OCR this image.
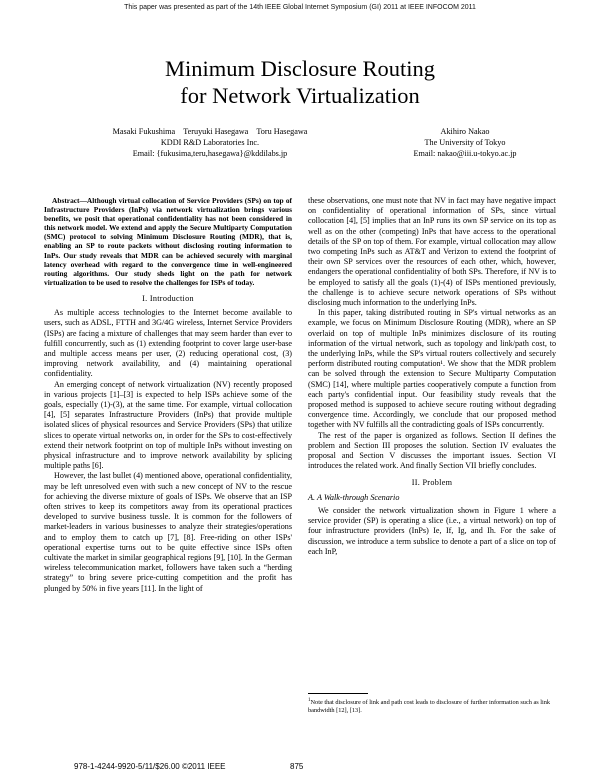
This paper was presented as part of the 14th IEEE Global Internet Symposium (GI) 2011 at IEEE INFOCOM 2011
Minimum Disclosure Routing
for Network Virtualization
Masaki Fukushima    Teruyuki Hasegawa    Toru Hasegawa
KDDI R&D Laboratories Inc.
Email: {fukusima,teru,hasegawa}@kddilabs.jp
Akihiro Nakao
The University of Tokyo
Email: nakao@iii.u-tokyo.ac.jp

Abstract—Although virtual collocation of Service Providers (SPs) on top of Infrastructure Providers (InPs) via network virtualization brings various benefits, we posit that operational confidentiality has not been considered in this network model. We extend and apply the Secure Multiparty Computation (SMC) protocol to solving Minimum Disclosure Routing (MDR), that is, enabling an SP to route packets without disclosing routing information to InPs. Our study reveals that MDR can be achieved securely with marginal latency overhead with regard to the convergence time in well-engineered routing algorithms. Our study sheds light on the path for network virtualization to be used to resolve the challenges for ISPs of today.

I. Introduction

As multiple access technologies to the Internet become available to users, such as ADSL, FTTH and 3G/4G wireless, Internet Service Providers (ISPs) are facing a mixture of challenges that may seem harder than ever to fulfill concurrently, such as (1) extending footprint to cover large user-base and multiple access means per user, (2) reducing operational cost, (3) improving network availability, and (4) maintaining operational confidentiality.

An emerging concept of network virtualization (NV) recently proposed in various projects [1]–[3] is expected to help ISPs achieve some of the goals, especially (1)-(3), at the same time. For example, virtual collocation [4], [5] separates Infrastructure Providers (InPs) that provide multiple isolated slices of physical resources and Service Providers (SPs) that utilize slices to operate virtual networks on, in order for the SPs to cost-effectively extend their network footprint on top of multiple InPs without investing on physical infrastructure and to improve network availability by splicing multiple paths [6].

However, the last bullet (4) mentioned above, operational confidentiality, may be left unresolved even with such a new concept of NV to the rescue for achieving the diverse mixture of goals of ISPs. We observe that an ISP often strives to keep its competitors away from its operational practices developed to survive business tussle. It is common for the followers of market-leaders in various businesses to analyze their strategies/operations and to employ them to catch up [7], [8]. Free-riding on other ISPs' operational expertise turns out to be quite effective since ISPs often cultivate the market in similar geographical regions [9], [10]. In the German wireless telecommunication market, followers have taken such a “herding strategy” to bring severe price-cutting competition and the profit has plunged by 50% in five years [11]. In the light of

these observations, one must note that NV in fact may have negative impact on confidentiality of operational information of SPs, since virtual collocation [4], [5] implies that an InP runs its own SP service on its top as well as on the other (competing) InPs that have access to the operational details of the SP on top of them. For example, virtual collocation may allow two competing InPs such as AT&T and Verizon to extend the footprint of their own SP services over the resources of each other, which, however, endangers the operational confidentiality of both SPs. Therefore, if NV is to be employed to satisfy all the goals (1)-(4) of ISPs mentioned previously, the challenge is to achieve secure network operations of SPs without disclosing much information to the underlying InPs.

In this paper, taking distributed routing in SP's virtual networks as an example, we focus on Minimum Disclosure Routing (MDR), where an SP overlaid on top of multiple InPs minimizes disclosure of its routing information of the virtual network, such as topology and link/path cost, to the underlying InPs, while the SP's virtual routers collectively and securely perform distributed routing computation¹. We show that the MDR problem can be solved through the extension to Secure Multiparty Computation (SMC) [14], where multiple parties cooperatively compute a function from each party's confidential input. Our feasibility study reveals that the proposed method is supposed to achieve secure routing without degrading convergence time. Accordingly, we conclude that our proposed method together with NV fulfills all the contradicting goals of ISPs concurrently.

The rest of the paper is organized as follows. Section II defines the problem and Section III proposes the solution. Section IV evaluates the proposal and Section V discusses the important issues. Section VI introduces the related work. And finally Section VII briefly concludes.

II. Problem
A. A Walk-through Scenario

We consider the network virtualization shown in Figure 1 where a service provider (SP) is operating a slice (i.e., a virtual network) on top of four infrastructure providers (InPs) Ie, If, Ig, and Ih. For the sake of discussion, we introduce a term subslice to denote a part of a slice on top of each InP,

$^1$Note that disclosure of link and path cost leads to disclosure of further information such as link bandwidth [12], [13].
978-1-4244-9920-5/11/$26.00 ©2011 IEEE	875
